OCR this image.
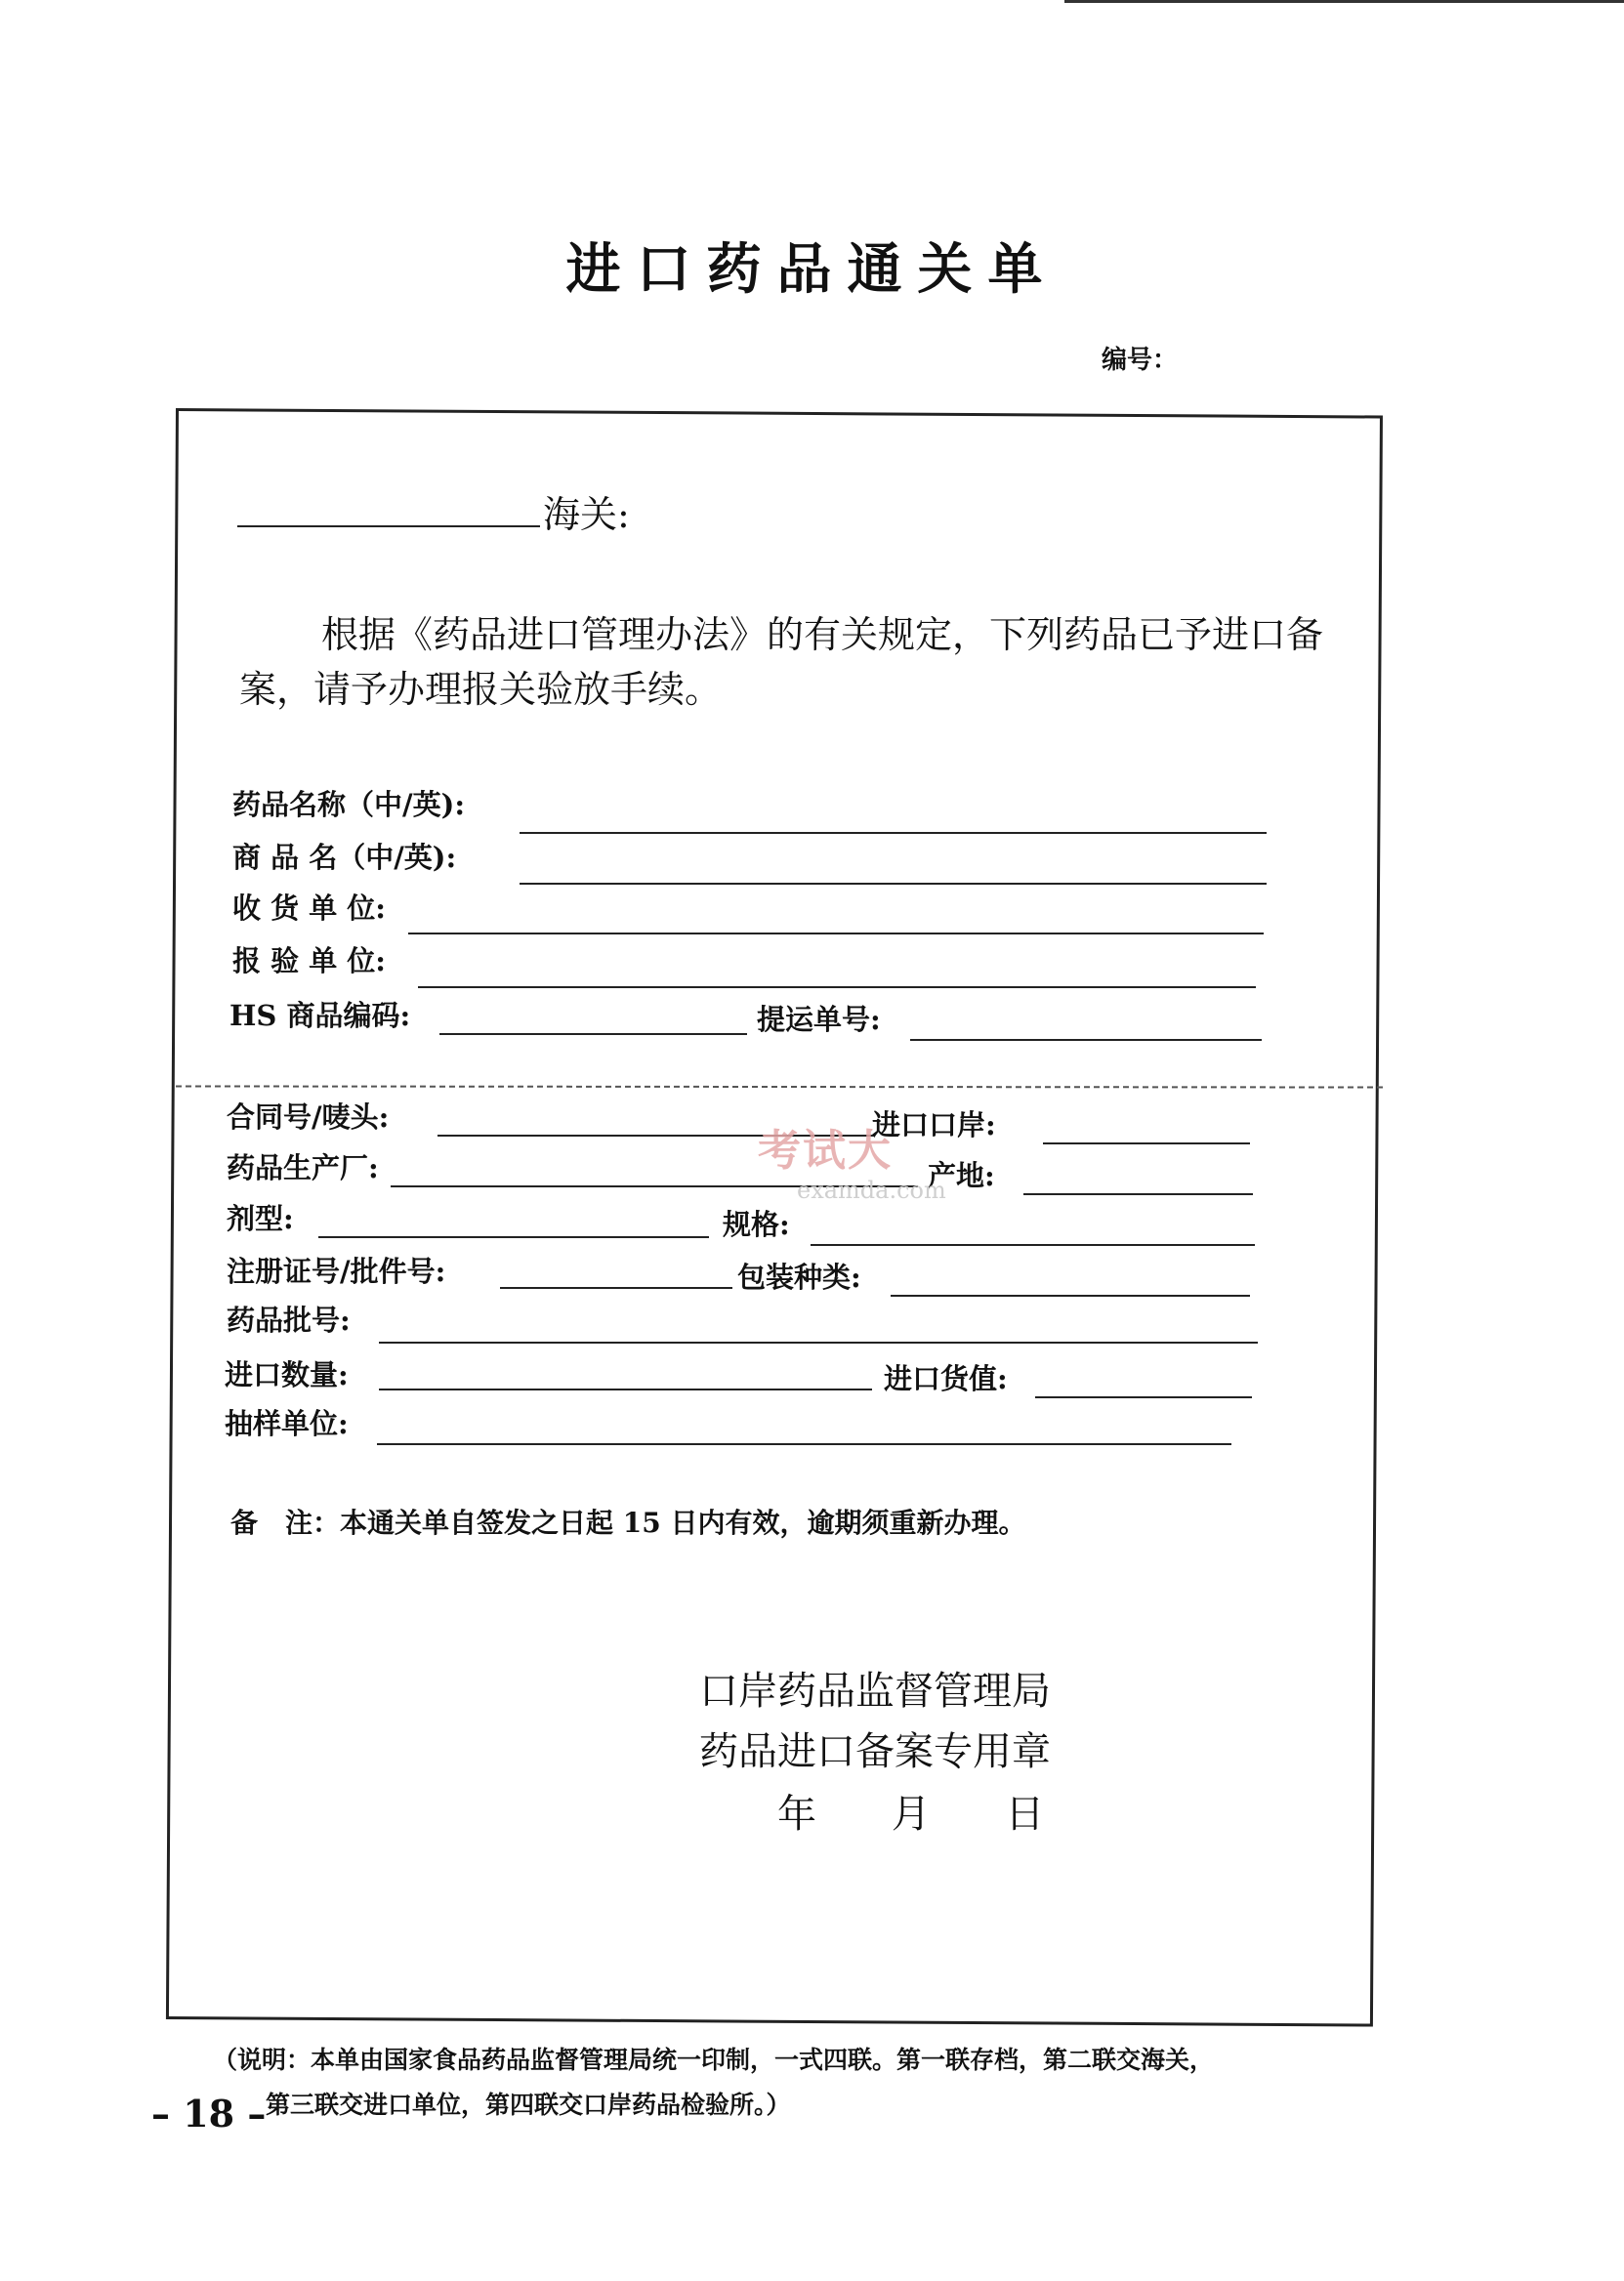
进口药品通关单
编号：
海关:
根据《药品进口管理办法》的有关规定，下列药品已予进口备案，请予办理报关验放手续。
药品名称（中/英):
商 品 名（中/英):
收 货 单 位:
报 验 单 位:
HS 商品编码:	提运单号:
合同号/唛头:	进口口岸:
药品生产厂:	产地:
剂型:	规格:
注册证号/批件号:	包装种类:
药品批号:
进口数量:	进口货值:
抽样单位:
备　注：本通关单自签发之日起 15 日内有效，逾期须重新办理。
口岸药品监督管理局
药品进口备案专用章
年　 月　 日
考试大
examda.com
（说明：本单由国家食品药品监督管理局统一印制，一式四联。第一联存档，第二联交海关，
第三联交进口单位，第四联交口岸药品检验所。）
– 18 –
